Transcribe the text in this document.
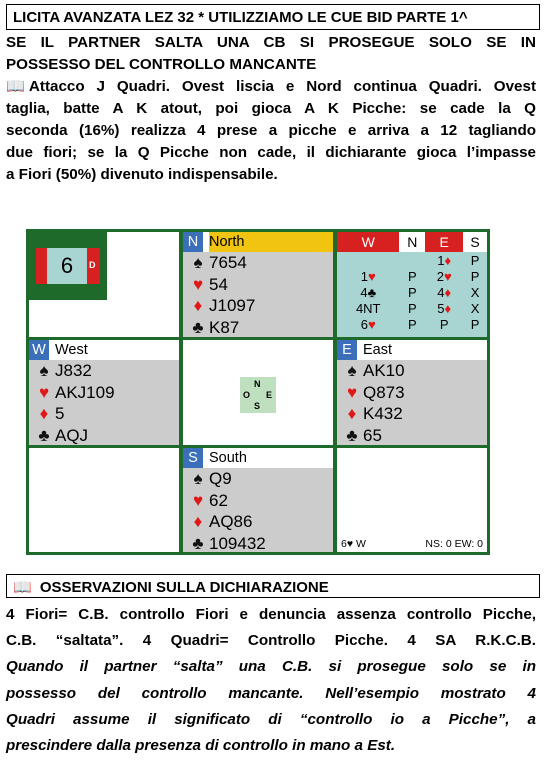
LICITA AVANZATA LEZ 32 * UTILIZZIAMO LE CUE BID PARTE 1^
SE IL PARTNER SALTA UNA CB SI PROSEGUE SOLO SE IN
POSSESSO DEL CONTROLLO MANCANTE
📖 Attacco J Quadri. Ovest liscia e Nord continua Quadri. Ovest
taglia, batte A K atout, poi gioca A K Picche: se cade la Q
seconda (16%) realizza 4 prese a picche e arriva a 12 tagliando
due fiori; se la Q Picche non cade, il dichiarante gioca l’impasse
a Fiori (50%) divenuto indispensabile.
6	D
N North
♠ 7654
♥ 54
♦ J1097
♣ K87
W	N	E	S
		1♦	P
1♥	P	2♥	P
4♣	P	4♦	X
4NT	P	5♦	X
6♥	P	P	P
W West
♠ J832
♥ AKJ109
♦ 5
♣ AQJ
N
O E
S
E East
♠ AK10
♥ Q873
♦ K432
♣ 65
S South
♠ Q9
♥ 62
♦ AQ86
♣ 109432	6♥ W	NS: 0 EW: 0
📖 OSSERVAZIONI SULLA DICHIARAZIONE
4 Fiori= C.B. controllo Fiori e denuncia assenza controllo Picche,
C.B. “saltata”. 4 Quadri= Controllo Picche. 4 SA R.K.C.B.
Quando il partner “salta” una C.B. si prosegue solo se in
possesso del controllo mancante. Nell’esempio mostrato 4
Quadri assume il significato di “controllo io a Picche”, a
prescindere dalla presenza di controllo in mano a Est.
